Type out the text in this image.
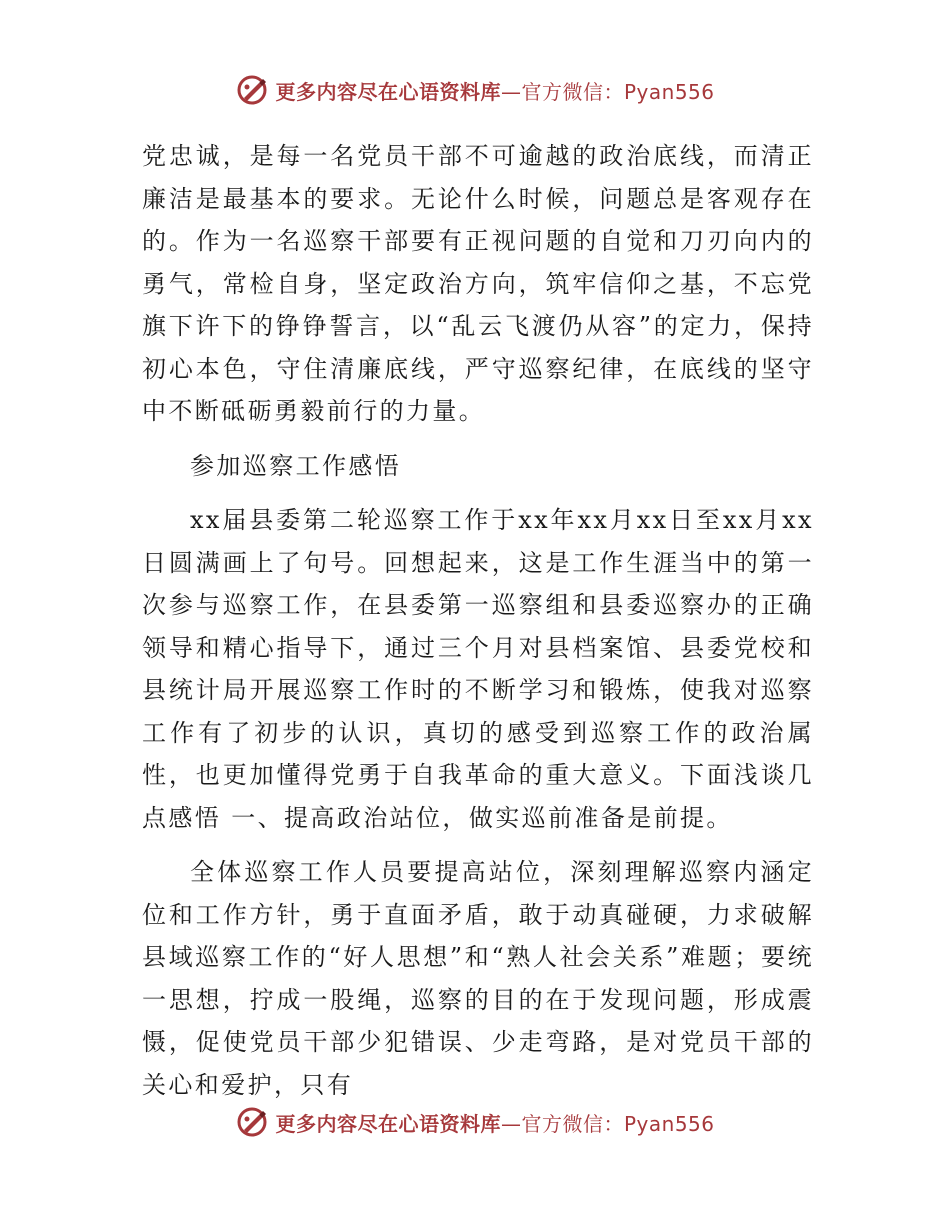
更多内容尽在心语资料库—官方微信：Pyan556

党忠诚，是每一名党员干部不可逾越的政治底线，而清正廉洁是最基本的要求。无论什么时候，问题总是客观存在的。作为一名巡察干部要有正视问题的自觉和刀刃向内的勇气，常检自身，坚定政治方向，筑牢信仰之基，不忘党旗下许下的铮铮誓言，以“乱云飞渡仍从容”的定力，保持初心本色，守住清廉底线，严守巡察纪律，在底线的坚守中不断砥砺勇毅前行的力量。

参加巡察工作感悟

xx届县委第二轮巡察工作于xx年xx月xx日至xx月xx日圆满画上了句号。回想起来，这是工作生涯当中的第一次参与巡察工作，在县委第一巡察组和县委巡察办的正确领导和精心指导下，通过三个月对县档案馆、县委党校和县统计局开展巡察工作时的不断学习和锻炼，使我对巡察工作有了初步的认识，真切的感受到巡察工作的政治属性，也更加懂得党勇于自我革命的重大意义。下面浅谈几点感悟 一、提高政治站位，做实巡前准备是前提。

全体巡察工作人员要提高站位，深刻理解巡察内涵定位和工作方针，勇于直面矛盾，敢于动真碰硬，力求破解县域巡察工作的“好人思想”和“熟人社会关系”难题；要统一思想，拧成一股绳，巡察的目的在于发现问题，形成震慑，促使党员干部少犯错误、少走弯路，是对党员干部的关心和爱护，只有

更多内容尽在心语资料库—官方微信：Pyan556
